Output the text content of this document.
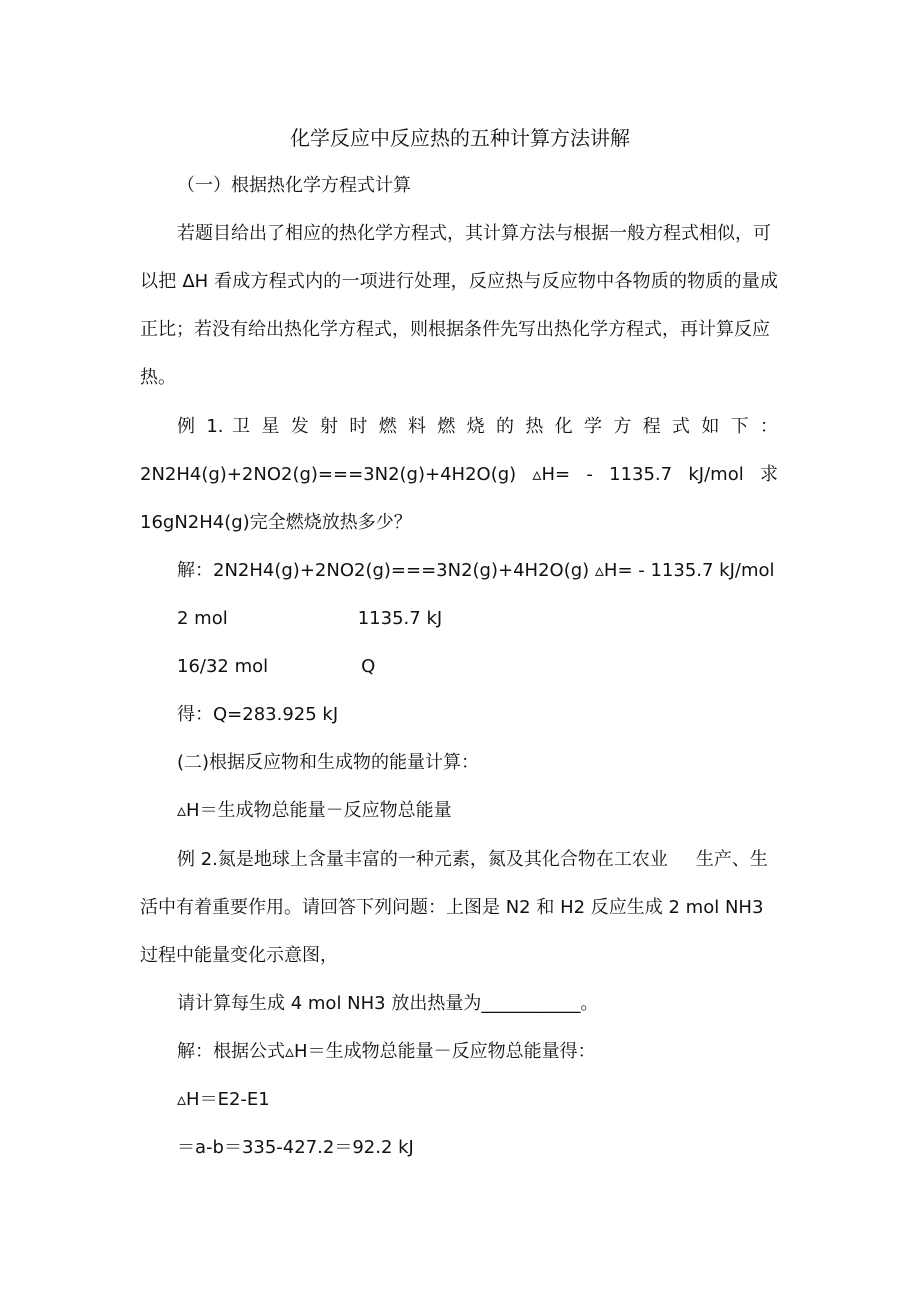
化学反应中反应热的五种计算方法讲解

（一）根据热化学方程式计算

若题目给出了相应的热化学方程式，其计算方法与根据一般方程式相似，可

以把 ΔH 看成方程式内的一项进行处理，反应热与反应物中各物质的物质的量成

正比；若没有给出热化学方程式，则根据条件先写出热化学方程式，再计算反应

热。

例 1. 卫 星 发 射 时 燃 料 燃 烧 的 热 化 学 方 程 式 如 下 ：

2N2H4(g)+2NO2(g)===3N2(g)+4H2O(g) ▵H= - 1135.7 kJ/mol 求

16gN2H4(g)完全燃烧放热多少？

解：2N2H4(g)+2NO2(g)===3N2(g)+4H2O(g) ▵H= - 1135.7 kJ/mol

2 mol	1135.7 kJ

16/32 mol	Q

得：Q=283.925 kJ

(二)根据反应物和生成物的能量计算：

▵H＝生成物总能量－反应物总能量

例 2.氮是地球上含量丰富的一种元素，氮及其化合物在工农业 生产、生

活中有着重要作用。请回答下列问题：上图是 N2 和 H2 反应生成 2 mol NH3

过程中能量变化示意图，

请计算每生成 4 mol NH3 放出热量为___________。

解：根据公式▵H＝生成物总能量－反应物总能量得：

▵H＝E2-E1

＝a-b＝335-427.2＝92.2 kJ
